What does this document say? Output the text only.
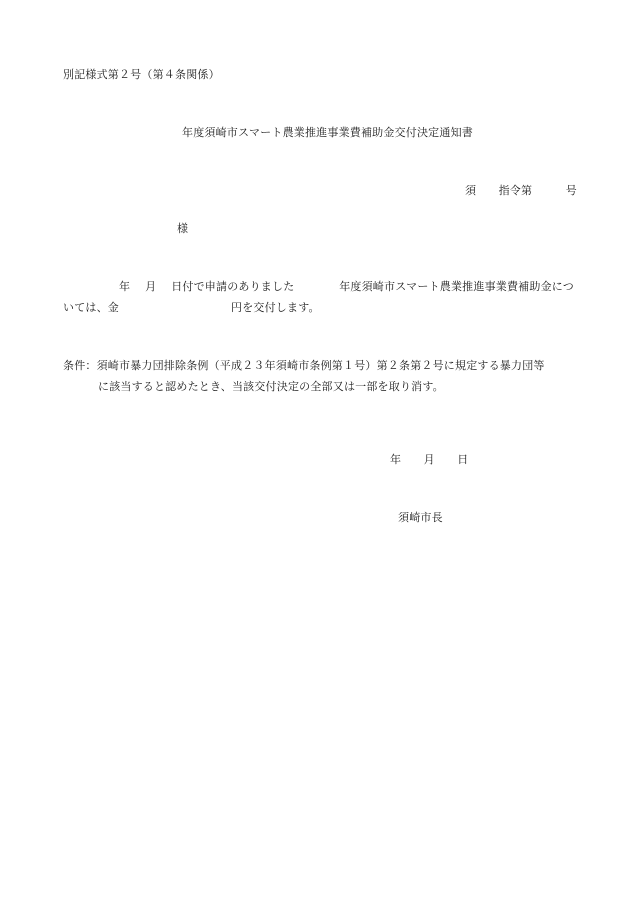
別記様式第２号（第４条関係）
年度須崎市スマート農業推進事業費補助金交付決定通知書
須　　指令第　　　号
様
　　　　　年　 月　 日付で申請のありました　　　　年度須崎市スマート農業推進事業費補助金につ
いては、金　　　　　　　　　　円を交付します。
条件：須崎市暴力団排除条例（平成２３年須崎市条例第１号）第２条第２号に規定する暴力団等
に該当すると認めたとき、当該交付決定の全部又は一部を取り消す。
年　　月　　日
須崎市長
